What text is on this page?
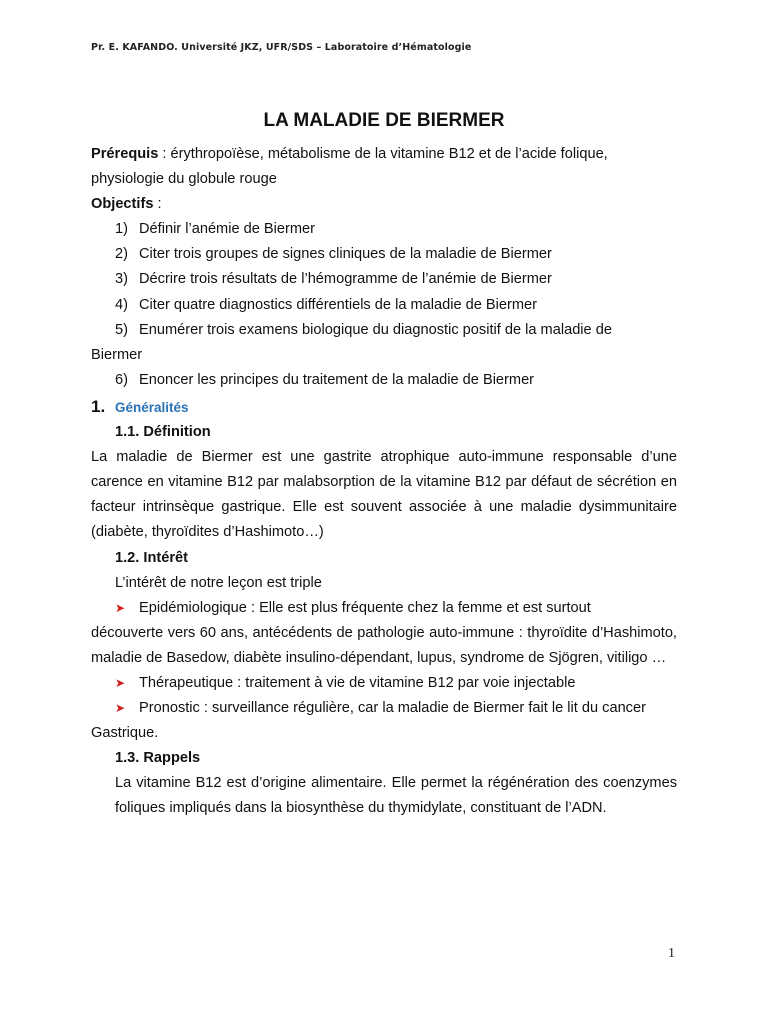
Pr. E. KAFANDO. Université JKZ, UFR/SDS – Laboratoire d’Hématologie
LA MALADIE DE BIERMER

Prérequis : érythropoïèse, métabolisme de la vitamine B12 et de l’acide folique,

physiologie du globule rouge

Objectifs :

1) Définir l’anémie de Biermer
2) Citer trois groupes de signes cliniques de la maladie de Biermer
3) Décrire trois résultats de l’hémogramme de l’anémie de Biermer
4) Citer quatre diagnostics différentiels de la maladie de Biermer
5) Enumérer trois examens biologique du diagnostic positif de la maladie de

Biermer

6) Enoncer les principes du traitement de la maladie de Biermer
1. Généralités

1.1. Définition

La maladie de Biermer est une gastrite atrophique auto-immune responsable d’une carence en vitamine B12 par malabsorption de la vitamine B12 par défaut de sécrétion en facteur intrinsèque gastrique. Elle est souvent associée à une maladie dysimmunitaire (diabète, thyroïdites d’Hashimoto…)

1.2. Intérêt

L’intérêt de notre leçon est triple

➤ Epidémiologique : Elle est plus fréquente chez la femme et est surtout

découverte vers 60 ans, antécédents de pathologie auto-immune : thyroïdite d’Hashimoto, maladie de Basedow, diabète insulino-dépendant, lupus, syndrome de Sjögren, vitiligo …

➤ Thérapeutique : traitement à vie de vitamine B12 par voie injectable
➤ Pronostic : surveillance régulière, car la maladie de Biermer fait le lit du cancer

Gastrique.

1.3. Rappels

La vitamine B12 est d’origine alimentaire. Elle permet la régénération des coenzymes foliques impliqués dans la biosynthèse du thymidylate, constituant de l’ADN.

1
